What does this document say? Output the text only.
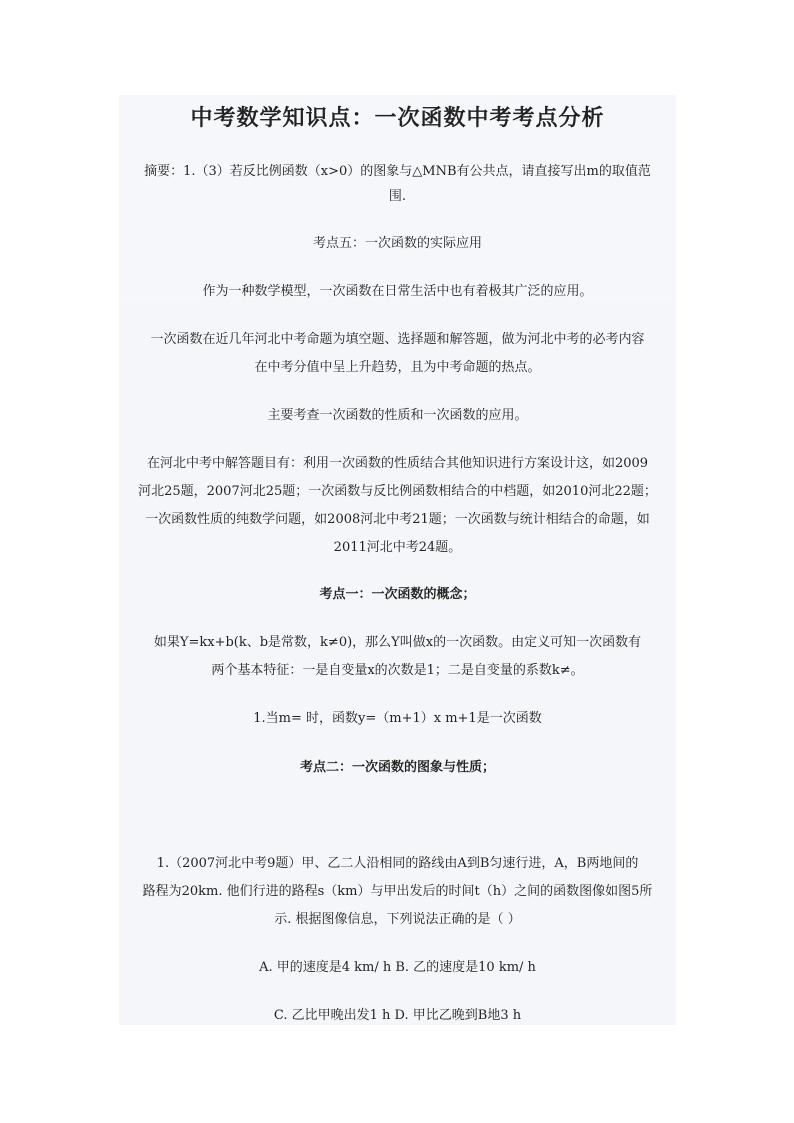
中考数学知识点：一次函数中考考点分析
摘要：1.（3）若反比例函数（x>0）的图象与△MNB有公共点，请直接写出m的取值范
围.
考点五：一次函数的实际应用
作为一种数学模型，一次函数在日常生活中也有着极其广泛的应用。
一次函数在近几年河北中考命题为填空题、选择题和解答题，做为河北中考的必考内容
在中考分值中呈上升趋势，且为中考命题的热点。
主要考查一次函数的性质和一次函数的应用。
在河北中考中解答题目有：利用一次函数的性质结合其他知识进行方案设计这，如2009
河北25题，2007河北25题；一次函数与反比例函数相结合的中档题，如2010河北22题；
一次函数性质的纯数学问题，如2008河北中考21题；一次函数与统计相结合的命题，如
2011河北中考24题。
考点一：一次函数的概念；
如果Y=kx+b(k、b是常数，k≠0)，那么Y叫做x的一次函数。由定义可知一次函数有
两个基本特征：一是自变量x的次数是1；二是自变量的系数k≠。
1.当m= 时，函数y=（m+1）x m+1是一次函数
考点二：一次函数的图象与性质；
1.（2007河北中考9题）甲、乙二人沿相同的路线由A到B匀速行进，A，B两地间的
路程为20km. 他们行进的路程s（km）与甲出发后的时间t（h）之间的函数图像如图5所
示. 根据图像信息，下列说法正确的是（ ）
A. 甲的速度是4 km/ h B. 乙的速度是10 km/ h
C. 乙比甲晚出发1 h D. 甲比乙晚到B地3 h
